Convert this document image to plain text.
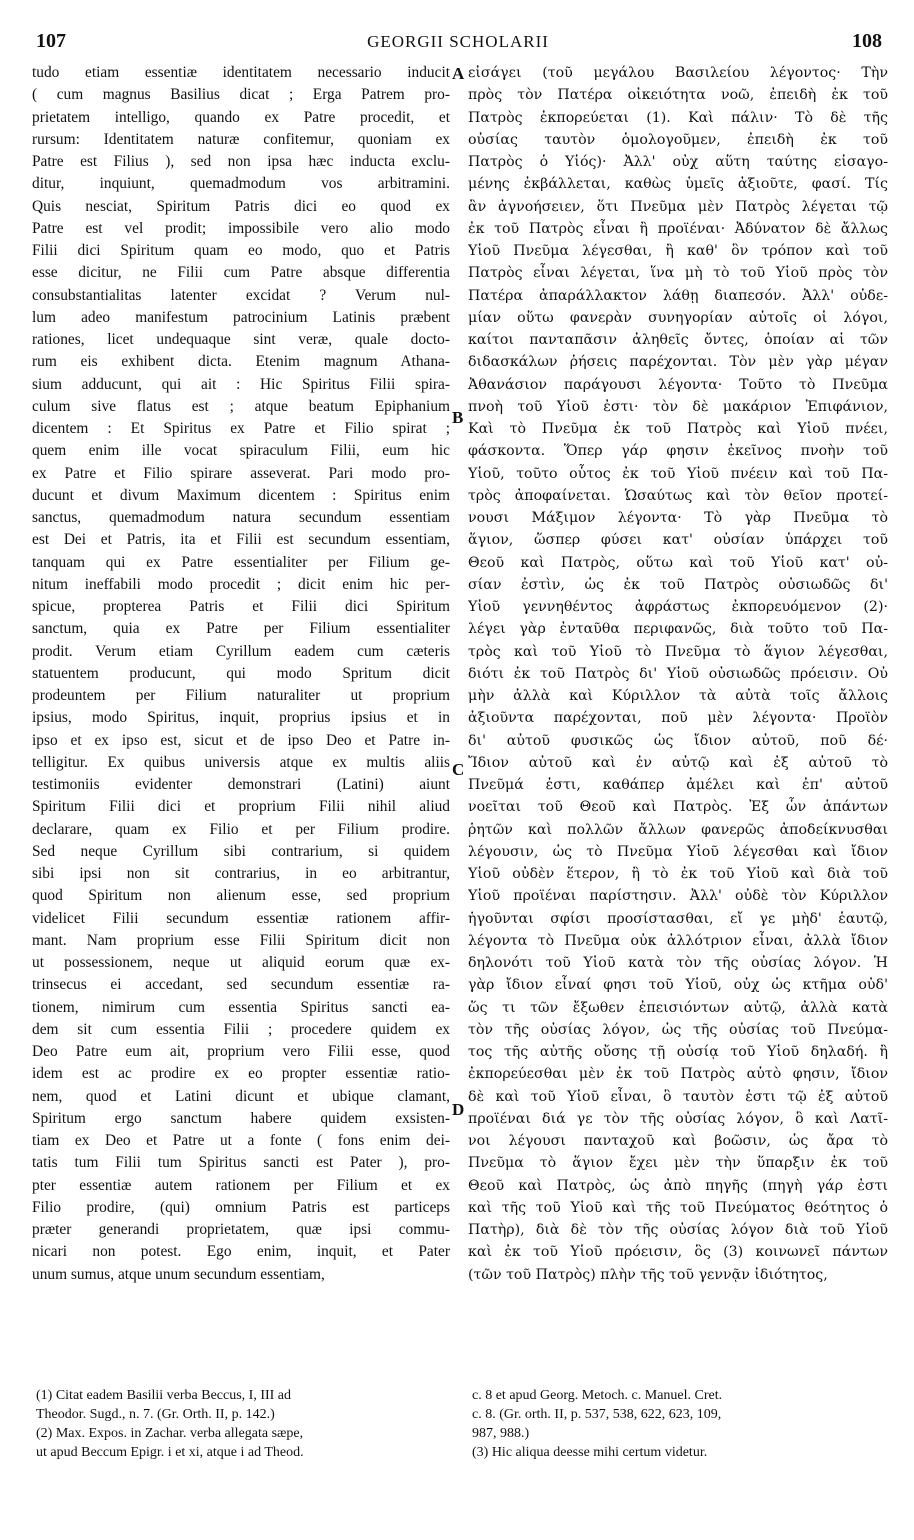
107	GEORGII SCHOLARII	108
tudo etiam essentiæ identitatem necessario inducit
( cum magnus Basilius dicat ; Erga Patrem pro-
prietatem intelligo, quando ex Patre procedit, et
rursum: Identitatem naturæ confitemur, quoniam ex
Patre est Filius ), sed non ipsa hæc inducta exclu-
ditur, inquiunt, quemadmodum vos arbitramini.
Quis nesciat, Spiritum Patris dici eo quod ex
Patre est vel prodit; impossibile vero alio modo
Filii dici Spiritum quam eo modo, quo et Patris
esse dicitur, ne Filii cum Patre absque differentia
consubstantialitas latenter excidat ? Verum nul-
lum adeo manifestum patrocinium Latinis præbent
rationes, licet undequaque sint veræ, quale docto-
rum eis exhibent dicta. Etenim magnum Athana-
sium adducunt, qui ait : Hic Spiritus Filii spira-
culum sive flatus est ; atque beatum Epiphanium
dicentem : Et Spiritus ex Patre et Filio spirat ;
quem enim ille vocat spiraculum Filii, eum hic
ex Patre et Filio spirare asseverat. Pari modo pro-
ducunt et divum Maximum dicentem : Spiritus enim
sanctus, quemadmodum natura secundum essentiam
est Dei et Patris, ita et Filii est secundum essentiam,
tanquam qui ex Patre essentialiter per Filium ge-
nitum ineffabili modo procedit ; dicit enim hic per-
spicue, propterea Patris et Filii dici Spiritum
sanctum, quia ex Patre per Filium essentialiter
prodit. Verum etiam Cyrillum eadem cum cæteris
statuentem producunt, qui modo Spritum dicit
prodeuntem per Filium naturaliter ut proprium
ipsius, modo Spiritus, inquit, proprius ipsius et in
ipso et ex ipso est, sicut et de ipso Deo et Patre in-
telligitur. Ex quibus universis atque ex multis aliis
testimoniis evidenter demonstrari (Latini) aiunt
Spiritum Filii dici et proprium Filii nihil aliud
declarare, quam ex Filio et per Filium prodire.
Sed neque Cyrillum sibi contrarium, si quidem
sibi ipsi non sit contrarius, in eo arbitrantur,
quod Spiritum non alienum esse, sed proprium
videlicet Filii secundum essentiæ rationem affir-
mant. Nam proprium esse Filii Spiritum dicit non
ut possessionem, neque ut aliquid eorum quæ ex-
trinsecus ei accedant, sed secundum essentiæ ra-
tionem, nimirum cum essentia Spiritus sancti ea-
dem sit cum essentia Filii ; procedere quidem ex
Deo Patre eum ait, proprium vero Filii esse, quod
idem est ac prodire ex eo propter essentiæ ratio-
nem, quod et Latini dicunt et ubique clamant,
Spiritum ergo sanctum habere quidem exsisten-
tiam ex Deo et Patre ut a fonte ( fons enim dei-
tatis tum Filii tum Spiritus sancti est Pater ), pro-
pter essentiæ autem rationem per Filium et ex
Filio prodire, (qui) omnium Patris est particeps
præter generandi proprietatem, quæ ipsi commu-
nicari non potest. Ego enim, inquit, et Pater
unum sumus, atque unum secundum essentiam,
εἰσάγει (τοῦ μεγάλου Βασιλείου λέγοντος· Τὴν
πρὸς τὸν Πατέρα οἰκειότητα νοῶ, ἐπειδὴ ἐκ τοῦ
Πατρὸς ἐκπορεύεται (1). Καὶ πάλιν· Τὸ δὲ τῆς
οὐσίας ταυτὸν ὁμολογοῦμεν, ἐπειδὴ ἐκ τοῦ
Πατρὸς ὁ Υἱός)· Ἀλλ' οὐχ αὕτη ταύτης εἰσαγο-
μένης ἐκβάλλεται, καθὼς ὑμεῖς ἀξιοῦτε, φασί. Τίς
ἂν ἀγνοήσειεν, ὅτι Πνεῦμα μὲν Πατρὸς λέγεται τῷ
ἐκ τοῦ Πατρὸς εἶναι ἢ προϊέναι· Ἀδύνατον δὲ ἄλλως
Υἱοῦ Πνεῦμα λέγεσθαι, ἢ καθ' ὃν τρόπον καὶ τοῦ
Πατρὸς εἶναι λέγεται, ἵνα μὴ τὸ τοῦ Υἱοῦ πρὸς τὸν
Πατέρα ἀπαράλλακτον λάθῃ διαπεσόν. Ἀλλ' οὐδε-
μίαν οὕτω φανερὰν συνηγορίαν αὐτοῖς οἱ λόγοι,
καίτοι πανταπᾶσιν ἀληθεῖς ὄντες, ὁποίαν αἱ τῶν
διδασκάλων ῥήσεις παρέχονται. Τὸν μὲν γὰρ μέγαν
Ἀθανάσιον παράγουσι λέγοντα· Τοῦτο τὸ Πνεῦμα
πνοὴ τοῦ Υἱοῦ ἐστι· τὸν δὲ μακάριον Ἐπιφάνιον,
Καὶ τὸ Πνεῦμα ἐκ τοῦ Πατρὸς καὶ Υἱοῦ πνέει,
φάσκοντα. Ὅπερ γάρ φησιν ἐκεῖνος πνοὴν τοῦ
Υἱοῦ, τοῦτο οὗτος ἐκ τοῦ Υἱοῦ πνέειν καὶ τοῦ Πα-
τρὸς ἀποφαίνεται. Ὡσαύτως καὶ τὸν θεῖον προτεί-
νουσι Μάξιμον λέγοντα· Τὸ γὰρ Πνεῦμα τὸ
ἅγιον, ὥσπερ φύσει κατ' οὐσίαν ὑπάρχει τοῦ
Θεοῦ καὶ Πατρὸς, οὕτω καὶ τοῦ Υἱοῦ κατ' οὐ-
σίαν ἐστὶν, ὡς ἐκ τοῦ Πατρὸς οὐσιωδῶς δι'
Υἱοῦ γεννηθέντος ἀφράστως ἐκπορευόμενον (2)·
λέγει γὰρ ἐνταῦθα περιφανῶς, διὰ τοῦτο τοῦ Πα-
τρὸς καὶ τοῦ Υἱοῦ τὸ Πνεῦμα τὸ ἅγιον λέγεσθαι,
διότι ἐκ τοῦ Πατρὸς δι' Υἱοῦ οὐσιωδῶς πρόεισιν. Οὐ
μὴν ἀλλὰ καὶ Κύριλλον τὰ αὐτὰ τοῖς ἄλλοις
ἀξιοῦντα παρέχονται, ποῦ μὲν λέγοντα· Προϊὸν
δι' αὐτοῦ φυσικῶς ὡς ἴδιον αὐτοῦ, ποῦ δέ·
Ἴδιον αὐτοῦ καὶ ἐν αὐτῷ καὶ ἐξ αὐτοῦ τὸ
Πνεῦμά ἐστι, καθάπερ ἀμέλει καὶ ἐπ' αὐτοῦ
νοεῖται τοῦ Θεοῦ καὶ Πατρὸς. Ἐξ ὧν ἁπάντων
ῥητῶν καὶ πολλῶν ἄλλων φανερῶς ἀποδείκνυσθαι
λέγουσιν, ὡς τὸ Πνεῦμα Υἱοῦ λέγεσθαι καὶ ἴδιον
Υἱοῦ οὐδὲν ἕτερον, ἢ τὸ ἐκ τοῦ Υἱοῦ καὶ διὰ τοῦ
Υἱοῦ προϊέναι παρίστησιν. Ἀλλ' οὐδὲ τὸν Κύριλλον
ἡγοῦνται σφίσι προσίστασθαι, εἴ γε μὴδ' ἑαυτῷ,
λέγοντα τὸ Πνεῦμα οὐκ ἀλλότριον εἶναι, ἀλλὰ ἴδιον
δηλονότι τοῦ Υἱοῦ κατὰ τὸν τῆς οὐσίας λόγον. Ἡ
γὰρ ἴδιον εἶναί φησι τοῦ Υἱοῦ, οὐχ ὡς κτῆμα οὐδ'
ὥς τι τῶν ἔξωθεν ἐπεισιόντων αὐτῷ, ἀλλὰ κατὰ
τὸν τῆς οὐσίας λόγον, ὡς τῆς οὐσίας τοῦ Πνεύμα-
τος τῆς αὐτῆς οὔσης τῇ οὐσίᾳ τοῦ Υἱοῦ δηλαδή. ἢ
ἐκπορεύεσθαι μὲν ἐκ τοῦ Πατρὸς αὐτὸ φησιν, ἴδιον
δὲ καὶ τοῦ Υἱοῦ εἶναι, ὃ ταυτὸν ἐστι τῷ ἐξ αὐτοῦ
προϊέναι διά γε τὸν τῆς οὐσίας λόγον, ὃ καὶ Λατῖ-
νοι λέγουσι πανταχοῦ καὶ βοῶσιν, ὡς ἄρα τὸ
Πνεῦμα τὸ ἅγιον ἔχει μὲν τὴν ὕπαρξιν ἐκ τοῦ
Θεοῦ καὶ Πατρὸς, ὡς ἀπὸ πηγῆς (πηγὴ γάρ ἐστι
καὶ τῆς τοῦ Υἱοῦ καὶ τῆς τοῦ Πνεύματος θεότητος ὁ
Πατὴρ), διὰ δὲ τὸν τῆς οὐσίας λόγον διὰ τοῦ Υἱοῦ
καὶ ἐκ τοῦ Υἱοῦ πρόεισιν, ὃς (3) κοινωνεῖ πάντων
(τῶν τοῦ Πατρὸς) πλὴν τῆς τοῦ γεννᾷν ἰδιότητος,
A
B
C
D
(1) Citat eadem Basilii verba Beccus, I, III ad
Theodor. Sugd., n. 7. (Gr. Orth. II, p. 142.)
(2) Max. Expos. in Zachar. verba allegata sæpe,
ut apud Beccum Epigr. i et xi, atque i ad Theod.
c. 8 et apud Georg. Metoch. c. Manuel. Cret.
c. 8. (Gr. orth. II, p. 537, 538, 622, 623, 109,
987, 988.)
(3) Hic aliqua deesse mihi certum videtur.
